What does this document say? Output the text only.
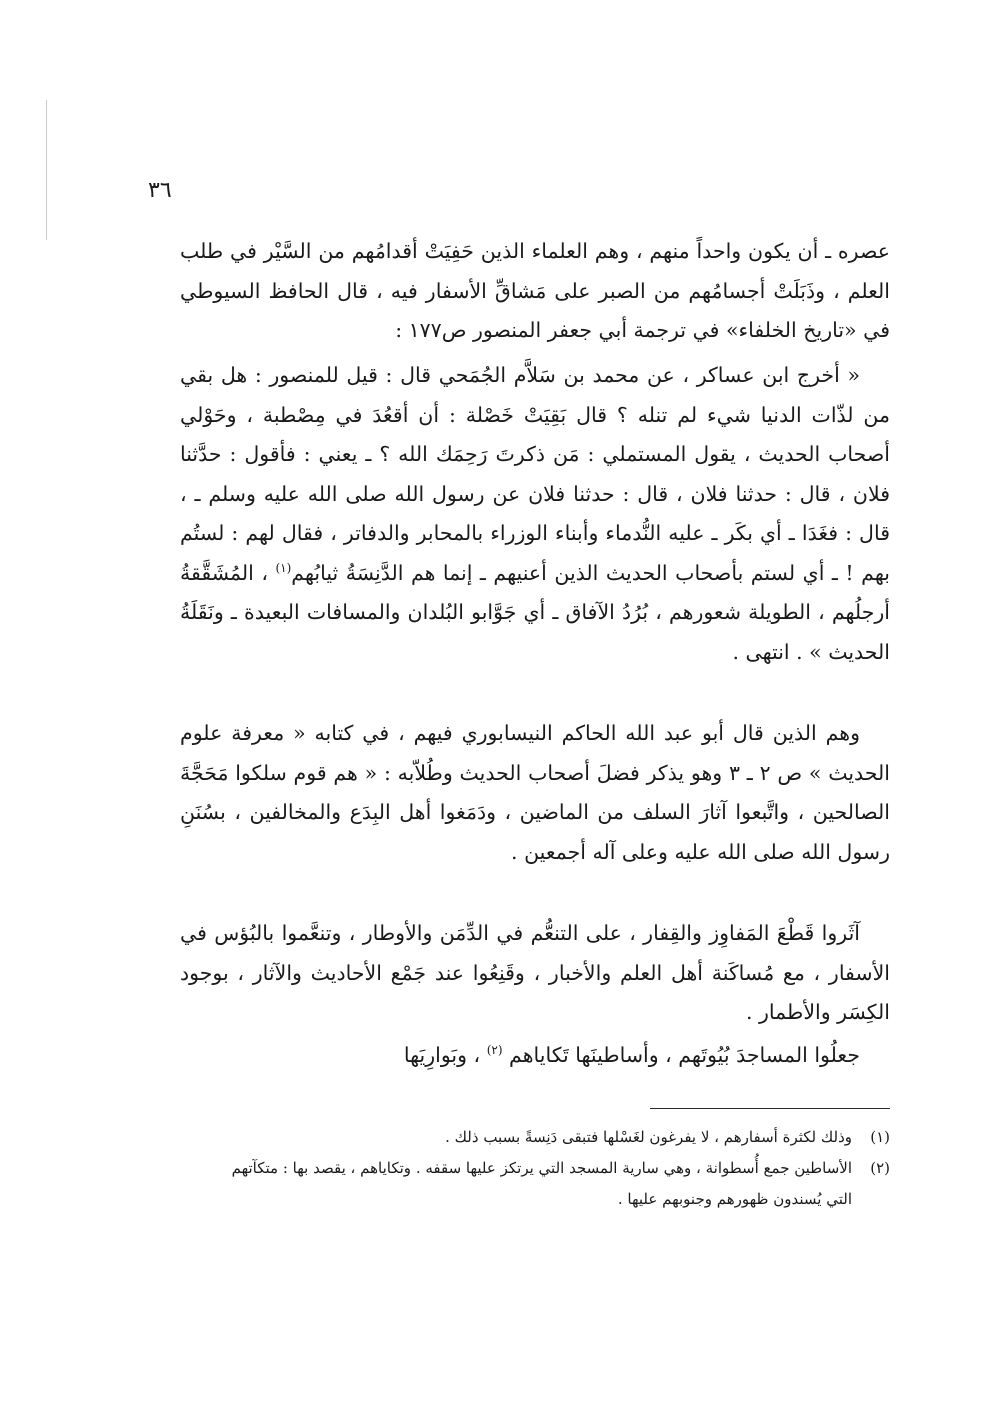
٣٦

عصره ـ أن يكون واحداً منهم ، وهم العلماء الذين حَفِيَتْ أقدامُهم من السَّيْر في طلب العلم ، وذَبَلَتْ أجسامُهم من الصبر على مَشاقِّ الأسفار فيه ، قال الحافظ السيوطي في «تاريخ الخلفاء» في ترجمة أبي جعفر المنصور ص١٧٧ :

« أخرج ابن عساكر ، عن محمد بن سَلاَّم الجُمَحي قال : قيل للمنصور : هل بقي من لذّات الدنيا شيء لم تنله ؟ قال بَقِيَتْ خَصْلة : أن أقعُدَ في مِصْطبة ، وحَوْلي أصحاب الحديث ، يقول المستملي : مَن ذكرتَ رَحِمَك الله ؟ ـ يعني : فأقول : حدَّثنا فلان ، قال : حدثنا فلان ، قال : حدثنا فلان عن رسول الله صلى الله عليه وسلم ـ ، قال : فغَدَا ـ أي بكَر ـ عليه النُّدماء وأبناء الوزراء بالمحابر والدفاتر ، فقال لهم : لستُم بهم ! ـ أي لستم بأصحاب الحديث الذين أعنيهم ـ إنما هم الدَّنِسَةُ ثيابُهم$^{(١)}$ ، المُشَقَّقةُ أرجلُهم ، الطويلة شعورهم ، بُرُدُ الآفاق ـ أي جَوَّابو البُلدان والمسافات البعيدة ـ ونَقَلَةُ الحديث » . انتهى .

وهم الذين قال أبو عبد الله الحاكم النيسابوري فيهم ، في كتابه « معرفة علوم الحديث » ص ٢ ـ ٣ وهو يذكر فضلَ أصحاب الحديث وطُلاّبه : « هم قوم سلكوا مَحَجَّةَ الصالحين ، واتَّبعوا آثارَ السلف من الماضين ، ودَمَغوا أهل البِدَع والمخالفين ، بسُنَنِ رسول الله صلى الله عليه وعلى آله أجمعين .

آثَروا قَطْعَ المَفاوِز والقِفار ، على التنعُّم في الدِّمَن والأوطار ، وتنعَّموا بالبُؤس في الأسفار ، مع مُساكَنة أهل العلم والأخبار ، وقَنِعُوا عند جَمْع الأحاديث والآثار ، بوجود الكِسَر والأطمار .

جعلُوا المساجدَ بُيُوتَهم ، وأساطينَها تَكاياهم $^{(٢)}$ ، وبَوارِيَها

(١)
وذلك لكثرة أسفارهم ، لا يفرغون لغَسْلها فتبقى دَنِسةً بسبب ذلك .
(٢)
الأساطين جمع أُسطوانة ، وهي سارية المسجد التي يرتكز عليها سقفه . وتكاياهم ، يقصد بها : متكآتهم التي يُسندون ظهورهم وجنوبهم عليها .
